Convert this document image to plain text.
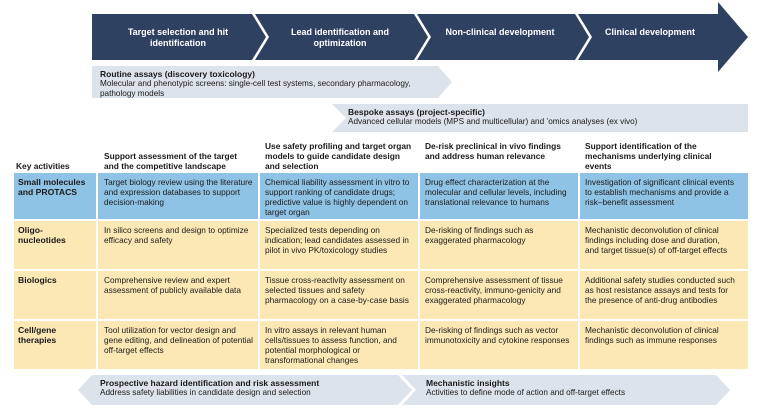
Target selection and hit identification
Lead identification and optimization
Non-clinical development	Clinical development
Routine assays (discovery toxicology)
Molecular and phenotypic screens: single-cell test systems, secondary pharmacology, pathology models
Bespoke assays (project-specific)
Advanced cellular models (MPS and multicellular) and ’omics analyses (ex vivo)
Key activities
Support assessment of the target and the competitive landscape
Use safety profiling and target organ models to guide candidate design and selection
De-risk preclinical in vivo findings and address human relevance
Support identification of the mechanisms underlying clinical events
Small molecules and PROTACS
Target biology review using the literature and expression databases to support decision-making
Chemical liability assessment in vitro to support ranking of candidate drugs; predictive value is highly dependent on target organ
Drug effect characterization at the molecular and cellular levels, including translational relevance to humans
Investigation of significant clinical events to establish mechanisms and provide a risk–benefit assessment
Oligo-nucleotides
In silico screens and design to optimize efficacy and safety
Specialized tests depending on indication; lead candidates assessed in pilot in vivo PK/toxicology studies
De-risking of findings such as exaggerated pharmacology
Mechanistic deconvolution of clinical findings including dose and duration, and target tissue(s) of off-target effects
Biologics	Comprehensive review and expert assessment of publicly available data
Tissue cross-reactivity assessment on selected tissues and safety pharmacology on a case-by-case basis
Comprehensive assessment of tissue cross-reactivity, immuno-genicity and exaggerated pharmacology
Additional safety studies conducted such as host resistance assays and tests for the presence of anti-drug antibodies
Cell/gene therapies
Tool utilization for vector design and gene editing, and delineation of potential off-target effects
In vitro assays in relevant human cells/tissues to assess function, and potential morphological or transformational changes
De-risking of findings such as vector immunotoxicity and cytokine responses
Mechanistic deconvolution of clinical findings such as immune responses
Prospective hazard identification and risk assessment
Address safety liabilities in candidate design and selection
Mechanistic insights
Activities to define mode of action and off-target effects
